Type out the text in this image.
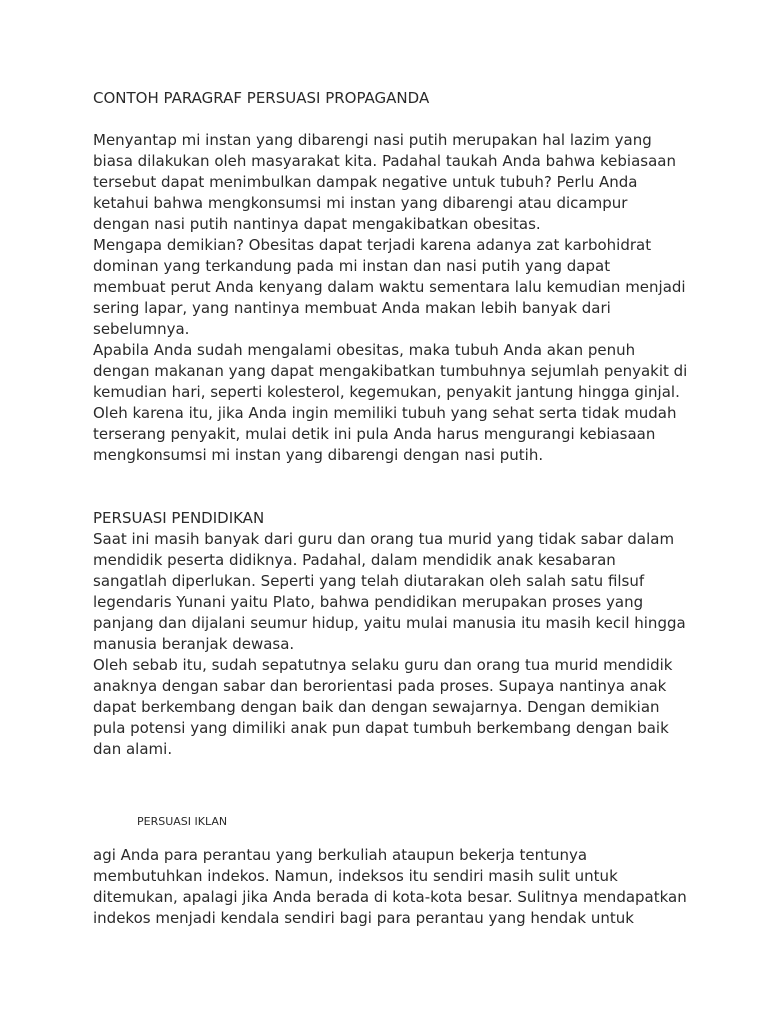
CONTOH PARAGRAF PERSUASI PROPAGANDA
Menyantap mi instan yang dibarengi nasi putih merupakan hal lazim yang
biasa dilakukan oleh masyarakat kita. Padahal taukah Anda bahwa kebiasaan
tersebut dapat menimbulkan dampak negative untuk tubuh? Perlu Anda
ketahui bahwa mengkonsumsi mi instan yang dibarengi atau dicampur
dengan nasi putih nantinya dapat mengakibatkan obesitas.
Mengapa demikian? Obesitas dapat terjadi karena adanya zat karbohidrat
dominan yang terkandung pada mi instan dan nasi putih yang dapat
membuat perut Anda kenyang dalam waktu sementara lalu kemudian menjadi
sering lapar, yang nantinya membuat Anda makan lebih banyak dari
sebelumnya.
Apabila Anda sudah mengalami obesitas, maka tubuh Anda akan penuh
dengan makanan yang dapat mengakibatkan tumbuhnya sejumlah penyakit di
kemudian hari, seperti kolesterol, kegemukan, penyakit jantung hingga ginjal.
Oleh karena itu, jika Anda ingin memiliki tubuh yang sehat serta tidak mudah
terserang penyakit, mulai detik ini pula Anda harus mengurangi kebiasaan
mengkonsumsi mi instan yang dibarengi dengan nasi putih.
PERSUASI PENDIDIKAN
Saat ini masih banyak dari guru dan orang tua murid yang tidak sabar dalam
mendidik peserta didiknya. Padahal, dalam mendidik anak kesabaran
sangatlah diperlukan. Seperti yang telah diutarakan oleh salah satu filsuf
legendaris Yunani yaitu Plato, bahwa pendidikan merupakan proses yang
panjang dan dijalani seumur hidup, yaitu mulai manusia itu masih kecil hingga
manusia beranjak dewasa.
Oleh sebab itu, sudah sepatutnya selaku guru dan orang tua murid mendidik
anaknya dengan sabar dan berorientasi pada proses. Supaya nantinya anak
dapat berkembang dengan baik dan dengan sewajarnya. Dengan demikian
pula potensi yang dimiliki anak pun dapat tumbuh berkembang dengan baik
dan alami.
PERSUASI IKLAN
agi Anda para perantau yang berkuliah ataupun bekerja tentunya
membutuhkan indekos. Namun, indeksos itu sendiri masih sulit untuk
ditemukan, apalagi jika Anda berada di kota-kota besar. Sulitnya mendapatkan
indekos menjadi kendala sendiri bagi para perantau yang hendak untuk
